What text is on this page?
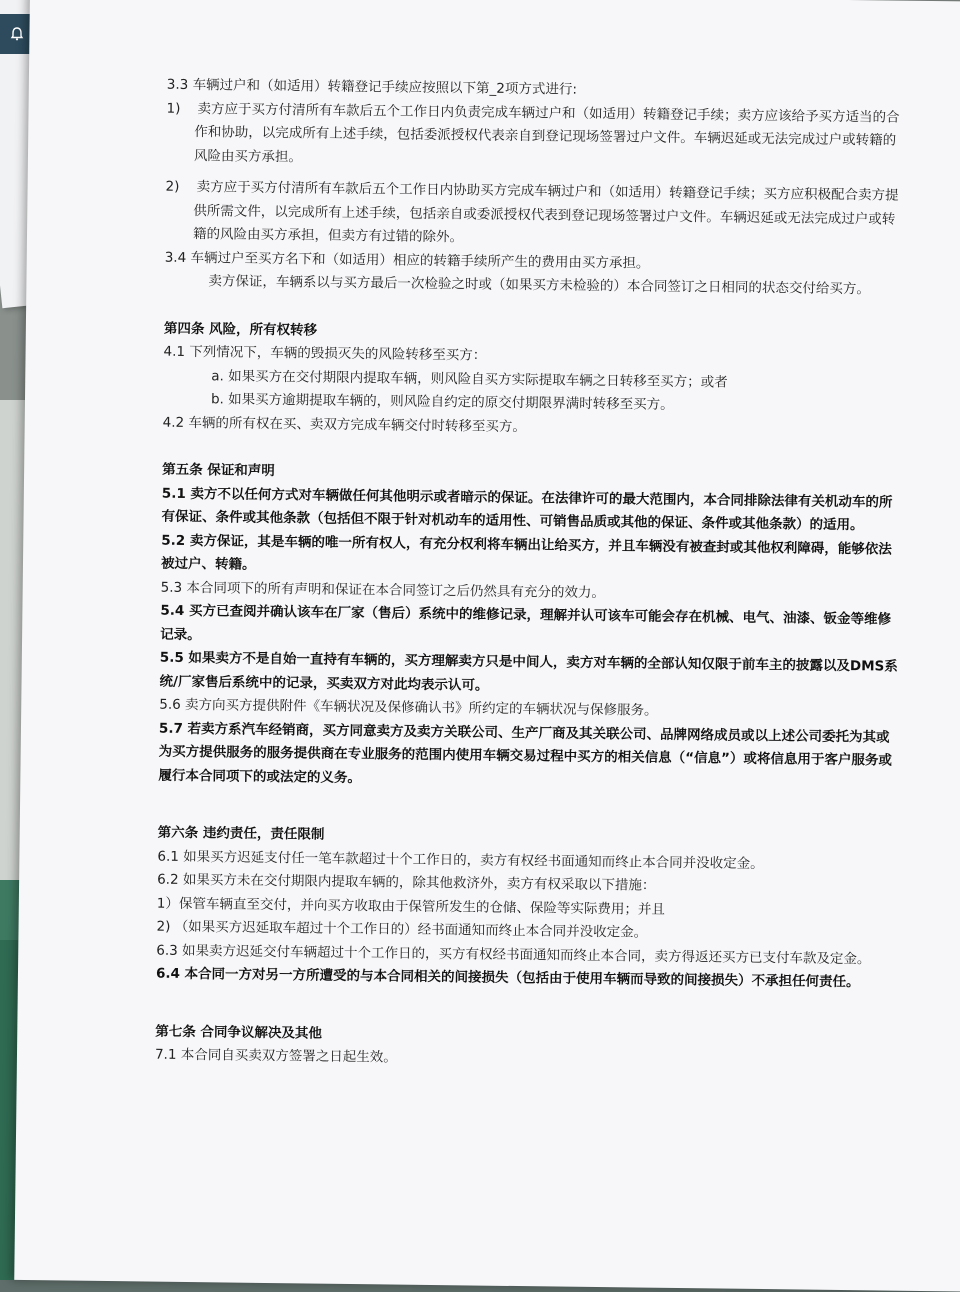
3.3 车辆过户和（如适用）转籍登记手续应按照以下第_2项方式进行:

1) 卖方应于买方付清所有车款后五个工作日内负责完成车辆过户和（如适用）转籍登记手续；卖方应该给予买方适当的合作和协助，以完成所有上述手续，包括委派授权代表亲自到登记现场签署过户文件。车辆迟延或无法完成过户或转籍的风险由买方承担。

2) 卖方应于买方付清所有车款后五个工作日内协助买方完成车辆过户和（如适用）转籍登记手续；买方应积极配合卖方提供所需文件，以完成所有上述手续，包括亲自或委派授权代表到登记现场签署过户文件。车辆迟延或无法完成过户或转籍的风险由买方承担，但卖方有过错的除外。

3.4 车辆过户至买方名下和（如适用）相应的转籍手续所产生的费用由买方承担。

卖方保证，车辆系以与买方最后一次检验之时或（如果买方未检验的）本合同签订之日相同的状态交付给买方。

第四条 风险，所有权转移

4.1 下列情况下，车辆的毁损灭失的风险转移至买方：

a. 如果买方在交付期限内提取车辆，则风险自买方实际提取车辆之日转移至买方；或者

b. 如果买方逾期提取车辆的，则风险自约定的原交付期限界满时转移至买方。

4.2 车辆的所有权在买、卖双方完成车辆交付时转移至买方。

第五条 保证和声明

5.1 卖方不以任何方式对车辆做任何其他明示或者暗示的保证。在法律许可的最大范围内，本合同排除法律有关机动车的所有保证、条件或其他条款（包括但不限于针对机动车的适用性、可销售品质或其他的保证、条件或其他条款）的适用。

5.2 卖方保证，其是车辆的唯一所有权人，有充分权利将车辆出让给买方，并且车辆没有被查封或其他权利障碍，能够依法被过户、转籍。

5.3 本合同项下的所有声明和保证在本合同签订之后仍然具有充分的效力。

5.4 买方已查阅并确认该车在厂家（售后）系统中的维修记录，理解并认可该车可能会存在机械、电气、油漆、钣金等维修记录。

5.5 如果卖方不是自始一直持有车辆的，买方理解卖方只是中间人，卖方对车辆的全部认知仅限于前车主的披露以及DMS系统/厂家售后系统中的记录，买卖双方对此均表示认可。

5.6 卖方向买方提供附件《车辆状况及保修确认书》所约定的车辆状况与保修服务。

5.7 若卖方系汽车经销商，买方同意卖方及卖方关联公司、生产厂商及其关联公司、品牌网络成员或以上述公司委托为其或为买方提供服务的服务提供商在专业服务的范围内使用车辆交易过程中买方的相关信息（“信息”）或将信息用于客户服务或履行本合同项下的或法定的义务。

第六条 违约责任，责任限制

6.1 如果买方迟延支付任一笔车款超过十个工作日的，卖方有权经书面通知而终止本合同并没收定金。

6.2 如果买方未在交付期限内提取车辆的，除其他救济外，卖方有权采取以下措施：

1）保管车辆直至交付，并向买方收取由于保管所发生的仓储、保险等实际费用；并且

2) （如果买方迟延取车超过十个工作日的）经书面通知而终止本合同并没收定金。

6.3 如果卖方迟延交付车辆超过十个工作日的，买方有权经书面通知而终止本合同，卖方得返还买方已支付车款及定金。

6.4 本合同一方对另一方所遭受的与本合同相关的间接损失（包括由于使用车辆而导致的间接损失）不承担任何责任。

第七条 合同争议解决及其他

7.1 本合同自买卖双方签署之日起生效。
